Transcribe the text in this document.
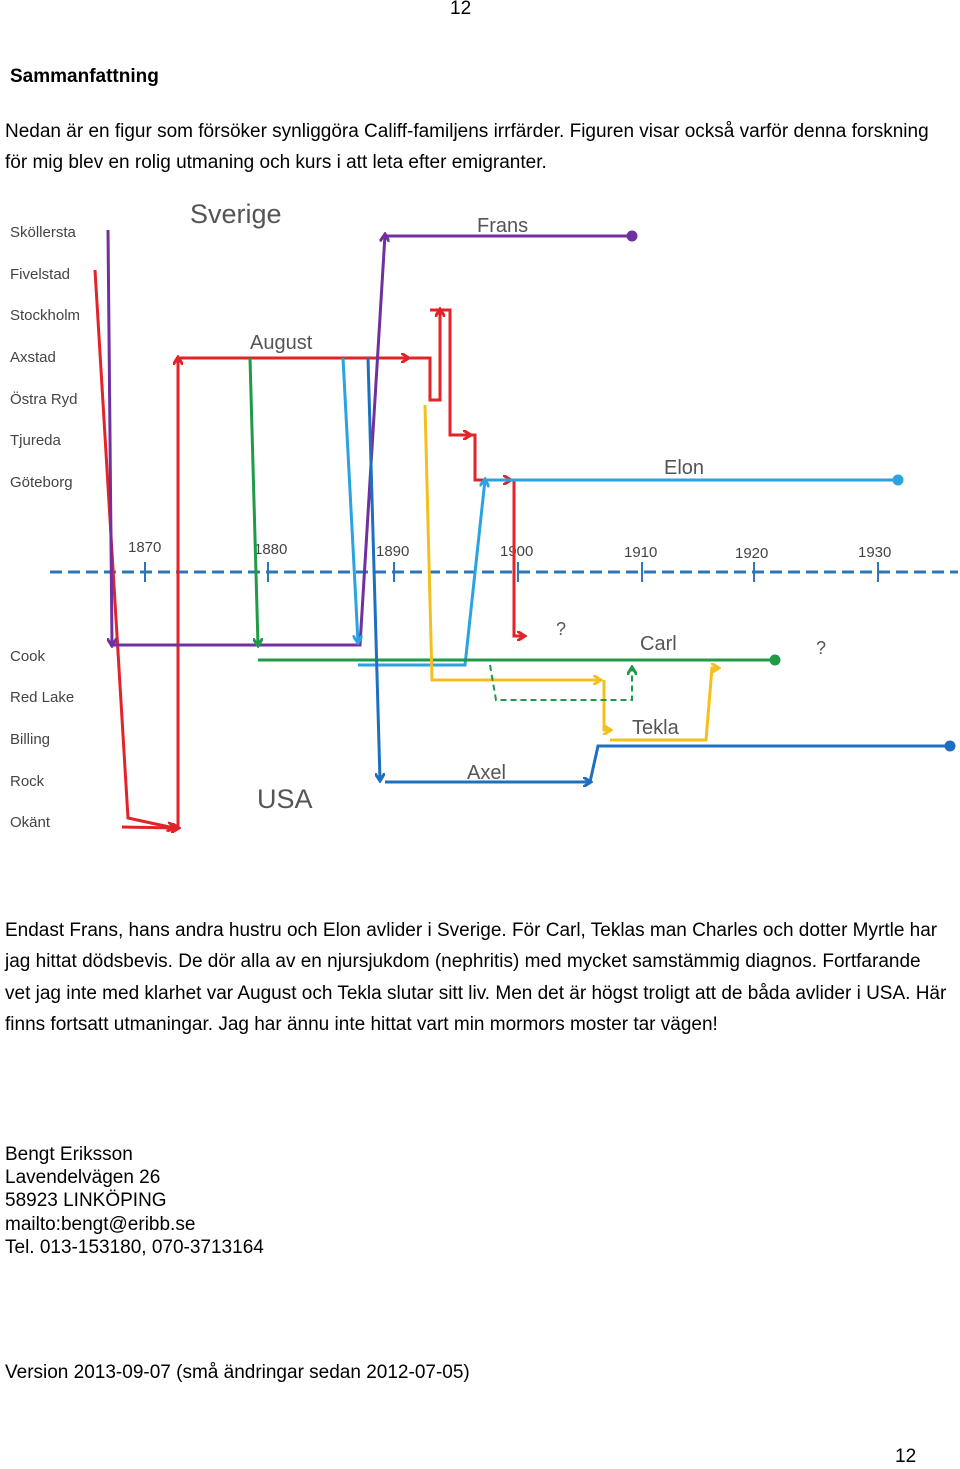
12

Sammanfattning

Nedan är en figur som försöker synliggöra Califf-familjens irrfärder. Figuren visar också varför denna forskning för mig blev en rolig utmaning och kurs i att leta efter emigranter.

Sverige
USA
Sköllersta
Fivelstad
Stockholm
Axstad
Östra Ryd
Tjureda
Göteborg
Cook
Red Lake
Billing
Rock
Okänt
1870	1880	1890	1900	1910	1920	1930
Frans
August
Elon
Carl
Tekla
Axel
?
?

Endast Frans, hans andra hustru och Elon avlider i Sverige. För Carl, Teklas man Charles och dotter Myrtle har jag hittat dödsbevis. De dör alla av en njursjukdom (nephritis) med mycket samstämmig diagnos. Fortfarande vet jag inte med klarhet var August och Tekla slutar sitt liv. Men det är högst troligt att de båda avlider i USA. Här finns fortsatt utmaningar. Jag har ännu inte hittat vart min mormors moster tar vägen!

Bengt Eriksson
Lavendelvägen 26
58923 LINKÖPING
mailto:bengt@eribb.se
Tel. 013-153180, 070-3713164

Version 2013-09-07 (små ändringar sedan 2012-07-05)

12
